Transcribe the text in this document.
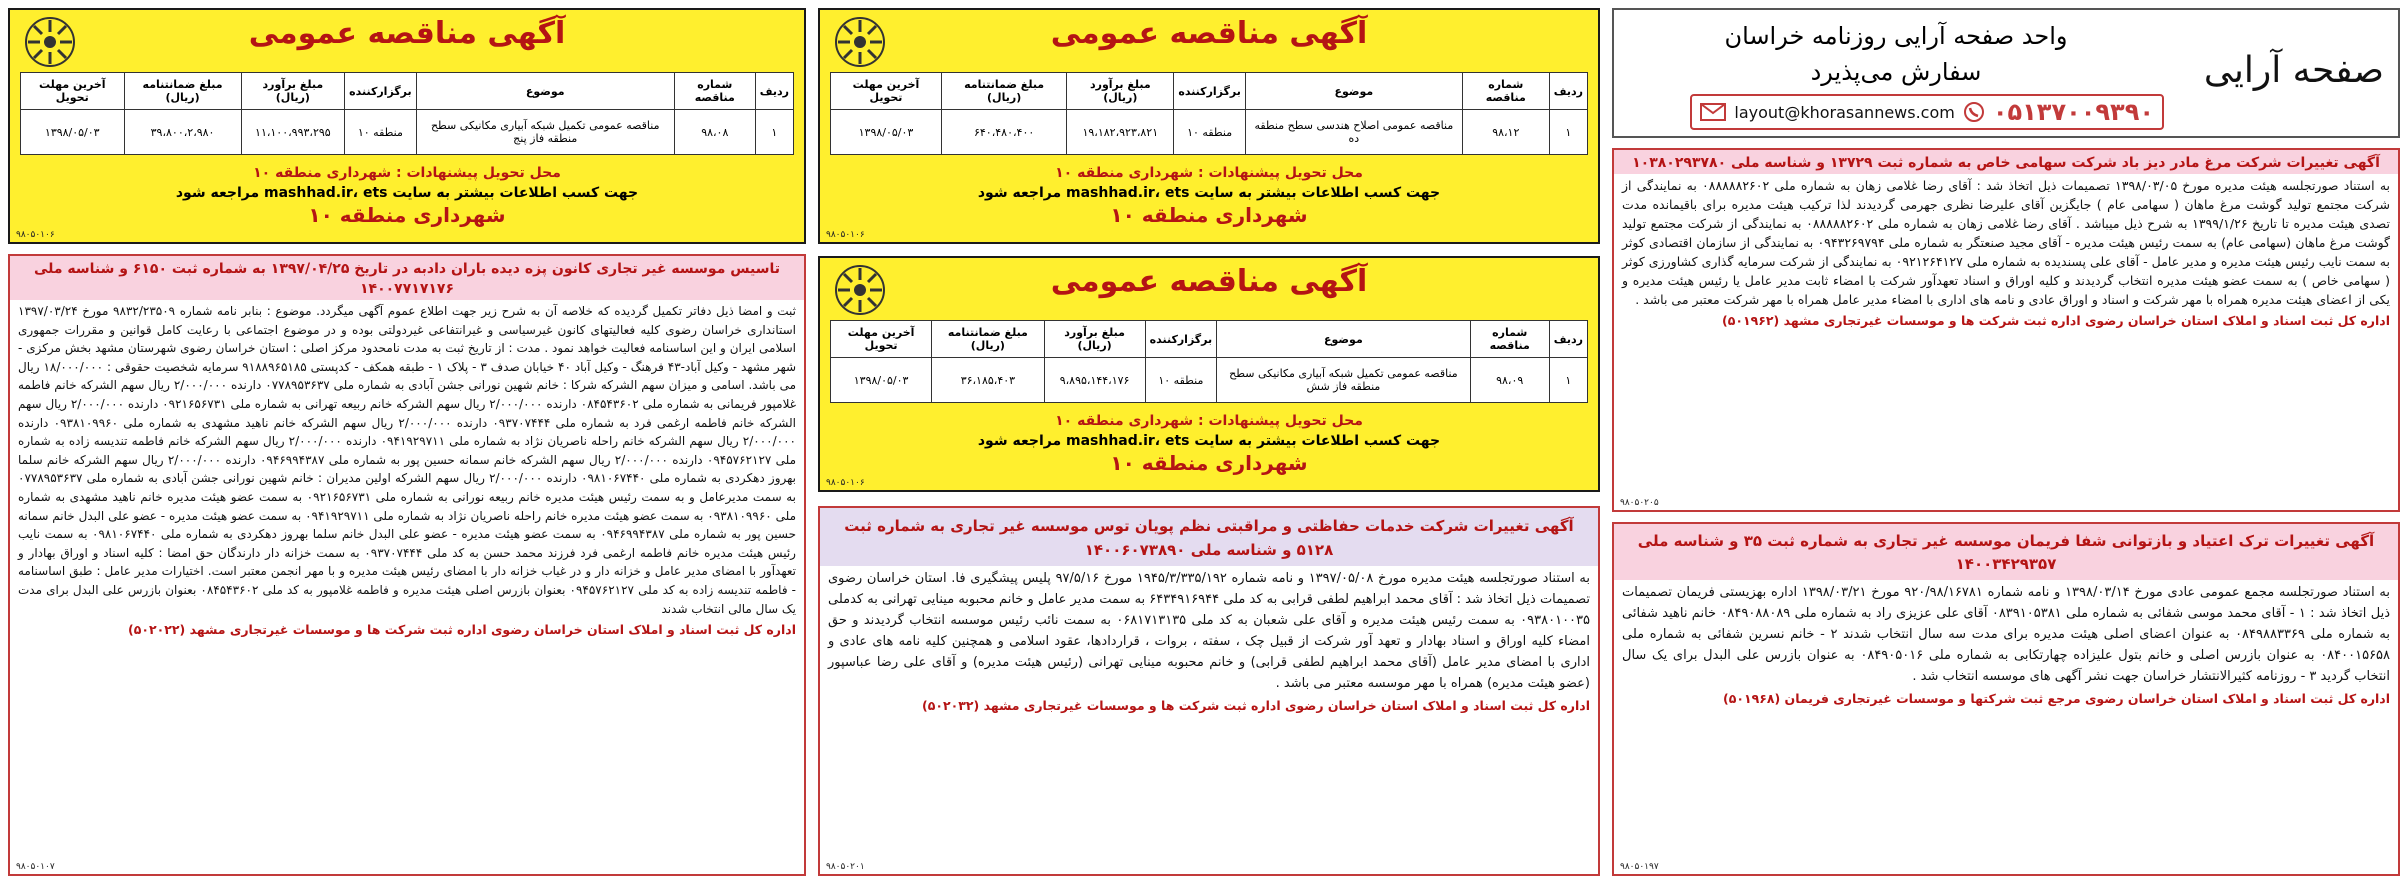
آگهی مناقصه عمومی
ردیف	شماره مناقصه	موضوع	برگزارکننده	مبلغ برآورد (ریال)	مبلغ ضمانتنامه (ریال)	آخرین مهلت تحویل
۱	۹۸،۰۸	مناقصه عمومی تکمیل شبکه آبیاری مکانیکی سطح منطقه فاز پنج	منطقه ۱۰	۱۱،۱۰۰،۹۹۳،۲۹۵	۳۹،۸۰۰،۲،۹۸۰	۱۳۹۸/۰۵/۰۳
محل تحویل پیشنهادات : شهرداری منطقه ۱۰
جهت کسب اطلاعات بیشتر به سایت mashhad.ir، ets مراجعه شود
شهرداری منطقه ۱۰
۹۸۰۵۰۱۰۶
تاسیس موسسه غیر تجاری کانون پزه دیده باران دادبه در تاریخ ۱۳۹۷/۰۴/۲۵ به شماره ثبت ۶۱۵۰ و شناسه ملی ۱۴۰۰۷۷۱۷۱۷۶
ثبت و امضا ذیل دفاتر تکمیل گردیده که خلاصه آن به شرح زیر جهت اطلاع عموم آگهی میگردد. موضوع : بنابر نامه شماره ۹۸۳۲/۲۳۵۰۹ مورخ ۱۳۹۷/۰۳/۲۴ استانداری خراسان رضوی کلیه فعالیتهای کانون غیرسیاسی و غیرانتفاعی غیردولتی بوده و در موضوع اجتماعی با رعایت کامل قوانین و مقررات جمهوری اسلامی ایران و این اساسنامه فعالیت خواهد نمود . مدت : از تاریخ ثبت به مدت نامحدود مرکز اصلی : استان خراسان رضوی شهرستان مشهد بخش مرکزی - شهر مشهد - وکیل آباد-۴۳ فرهنگ - وکیل آباد ۴۰ خیابان صدف ۳ - پلاک ۱ - طبقه همکف - کدپستی ۹۱۸۸۹۶۵۱۸۵ سرمایه شخصیت حقوقی : ۱۸/۰۰۰/۰۰۰ ریال می باشد. اسامی و میزان سهم الشرکه شرکا : خانم شهین نورانی جشن آبادی به شماره ملی ۰۷۷۸۹۵۳۶۳۷ دارنده ۲/۰۰۰/۰۰۰ ریال سهم الشرکه خانم فاطمه غلامپور فریمانی به شماره ملی ۰۸۴۵۴۳۶۰۲ دارنده ۲/۰۰۰/۰۰۰ ریال سهم الشرکه خانم ربیعه تهرانی به شماره ملی ۰۹۲۱۶۵۶۷۳۱ دارنده ۲/۰۰۰/۰۰۰ ریال سهم الشرکه خانم فاطمه ارغمی فرد به شماره ملی ۰۹۳۷۰۷۴۴۴ دارنده ۲/۰۰۰/۰۰۰ ریال سهم الشرکه خانم ناهید مشهدی به شماره ملی ۰۹۳۸۱۰۹۹۶۰ دارنده ۲/۰۰۰/۰۰۰ ریال سهم الشرکه خانم راحله ناصریان نژاد به شماره ملی ۰۹۴۱۹۲۹۷۱۱ دارنده ۲/۰۰۰/۰۰۰ ریال سهم الشرکه خانم فاطمه تندیسه زاده به شماره ملی ۰۹۴۵۷۶۲۱۲۷ دارنده ۲/۰۰۰/۰۰۰ ریال سهم الشرکه خانم سمانه حسین پور به شماره ملی ۰۹۴۶۹۹۴۳۸۷ دارنده ۲/۰۰۰/۰۰۰ ریال سهم الشرکه خانم سلما بهروز دهکردی به شماره ملی ۰۹۸۱۰۶۷۴۴۰ دارنده ۲/۰۰۰/۰۰۰ ریال سهم الشرکه اولین مدیران : خانم شهین نورانی جشن آبادی به شماره ملی ۰۷۷۸۹۵۳۶۳۷ به سمت مدیرعامل و به سمت رئیس هیئت مدیره خانم ربیعه نورانی به شماره ملی ۰۹۲۱۶۵۶۷۳۱ به سمت عضو هیئت مدیره خانم ناهید مشهدی به شماره ملی ۰۹۳۸۱۰۹۹۶۰ به سمت عضو هیئت مدیره خانم راحله ناصریان نژاد به شماره ملی ۰۹۴۱۹۲۹۷۱۱ به سمت عضو هیئت مدیره - عضو علی البدل خانم سمانه حسین پور به شماره ملی ۰۹۴۶۹۹۴۳۸۷ به سمت عضو هیئت مدیره - عضو علی البدل خانم سلما بهروز دهکردی به شماره ملی ۰۹۸۱۰۶۷۴۴۰ به سمت نایب رئیس هیئت مدیره خانم فاطمه ارغمی فرد فرزند محمد حسن به کد ملی ۰۹۳۷۰۷۴۴۴ به سمت خزانه دار دارندگان حق امضا : کلیه اسناد و اوراق بهادار و تعهدآور با امضای مدیر عامل و خزانه دار و در غیاب خزانه دار با امضای رئیس هیئت مدیره و با مهر انجمن معتبر است. اختیارات مدیر عامل : طبق اساسنامه - فاطمه تندیسه زاده به کد ملی ۰۹۴۵۷۶۲۱۲۷ بعنوان بازرس اصلی هیئت مدیره و فاطمه غلامپور به کد ملی ۰۸۴۵۴۳۶۰۲ بعنوان بازرس علی البدل برای مدت یک سال مالی انتخاب شدند
اداره کل ثبت اسناد و املاک استان خراسان رضوی اداره ثبت شرکت ها و موسسات غیرتجاری مشهد (۵۰۲۰۲۲)
۹۸۰۵۰۱۰۷
آگهی مناقصه عمومی
ردیف	شماره مناقصه	موضوع	برگزارکننده	مبلغ برآورد (ریال)	مبلغ ضمانتنامه (ریال)	آخرین مهلت تحویل
۱	۹۸،۱۲	مناقصه عمومی اصلاح هندسی سطح منطقه ده	منطقه ۱۰	۱۹،۱۸۲،۹۲۳،۸۲۱	۶۴۰،۴۸۰،۴۰۰	۱۳۹۸/۰۵/۰۳
محل تحویل پیشنهادات : شهرداری منطقه ۱۰
جهت کسب اطلاعات بیشتر به سایت mashhad.ir، ets مراجعه شود
شهرداری منطقه ۱۰
۹۸۰۵۰۱۰۶
آگهی مناقصه عمومی
ردیف	شماره مناقصه	موضوع	برگزارکننده	مبلغ برآورد (ریال)	مبلغ ضمانتنامه (ریال)	آخرین مهلت تحویل
۱	۹۸،۰۹	مناقصه عمومی تکمیل شبکه آبیاری مکانیکی سطح منطقه فاز شش	منطقه ۱۰	۹،۸۹۵،۱۴۴،۱۷۶	۳۶،۱۸۵،۴۰۳	۱۳۹۸/۰۵/۰۳
محل تحویل پیشنهادات : شهرداری منطقه ۱۰
جهت کسب اطلاعات بیشتر به سایت mashhad.ir، ets مراجعه شود
شهرداری منطقه ۱۰
۹۸۰۵۰۱۰۶
آگهی تغییرات شرکت خدمات حفاظتی و مراقبتی نظم پویان توس موسسه غیر تجاری به شماره ثبت ۵۱۲۸ و شناسه ملی ۱۴۰۰۶۰۷۳۸۹۰
به استناد صورتجلسه هیئت مدیره مورخ ۱۳۹۷/۰۵/۰۸ و نامه شماره ۱۹۴۵/۳/۳۳۵/۱۹۲ مورخ ۹۷/۵/۱۶ پلیس پیشگیری فا. استان خراسان رضوی تصمیمات ذیل اتخاذ شد : آقای محمد ابراهیم لطفی قرابی به کد ملی ۶۴۳۴۹۱۶۹۴۴ به سمت مدیر عامل و خانم محبوبه مینایی تهرانی به کدملی ۰۹۳۸۰۱۰۰۳۵ به سمت رئیس هیئت مدیره و آقای علی شعبان به کد ملی ۰۶۸۱۷۱۳۱۳۵ به سمت نائب رئیس موسسه انتخاب گردیدند و حق امضاء کلیه اوراق و اسناد بهادار و تعهد آور شرکت از قبیل چک ، سفته ، بروات ، قراردادها، عقود اسلامی و همچنین کلیه نامه های عادی و اداری با امضای مدیر عامل (آقای محمد ابراهیم لطفی قرابی) و خانم محبوبه مینایی تهرانی (رئیس هیئت مدیره) و آقای علی رضا عباسپور (عضو هیئت مدیره) همراه با مهر موسسه معتبر می باشد .
اداره کل ثبت اسناد و املاک استان خراسان رضوی اداره ثبت شرکت ها و موسسات غیرتجاری مشهد (۵۰۲۰۳۲)
۹۸۰۵۰۲۰۱
صفحه آرایی
واحد صفحه آرایی روزنامه خراسان
سفارش می‌پذیرد
layout@khorasannews.com ۰۵۱۳۷۰۰۹۳۹۰
آگهی تغییرات شرکت مرغ مادر دیز باد شرکت سهامی خاص به شماره ثبت ۱۳۷۲۹ و شناسه ملی ۱۰۳۸۰۲۹۳۷۸۰
به استناد صورتجلسه هیئت مدیره مورخ ۱۳۹۸/۰۳/۰۵ تصمیمات ذیل اتخاذ شد : آقای رضا غلامی زهان به شماره ملی ۰۸۸۸۸۸۲۶۰۲ به نمایندگی از شرکت مجتمع تولید گوشت مرغ ماهان ( سهامی عام ) جایگزین آقای علیرضا نظری جهرمی گردیدند لذا ترکیب هیئت مدیره برای باقیمانده مدت تصدی هیئت مدیره تا تاریخ ۱۳۹۹/۱/۲۶ به شرح ذیل میباشد . آقای رضا غلامی زهان به شماره ملی ۰۸۸۸۸۸۲۶۰۲ به نمایندگی از شرکت مجتمع تولید گوشت مرغ ماهان (سهامی عام) به سمت رئیس هیئت مدیره - آقای مجید صنعتگر به شماره ملی ۰۹۴۳۲۶۹۷۹۴ به نمایندگی از سازمان اقتصادی کوثر به سمت نایب رئیس هیئت مدیره و مدیر عامل - آقای علی پسندیده به شماره ملی ۰۹۲۱۲۶۴۱۲۷ به نمایندگی از شرکت سرمایه گذاری کشاورزی کوثر ( سهامی خاص ) به سمت عضو هیئت مدیره انتخاب گردیدند و کلیه اوراق و اسناد تعهدآور شرکت با امضاء ثابت مدیر عامل یا رئیس هیئت مدیره و یکی از اعضای هیئت مدیره همراه با مهر شرکت و اسناد و اوراق عادی و نامه های اداری با امضاء مدیر عامل همراه با مهر شرکت معتبر می باشد .
اداره کل ثبت اسناد و املاک استان خراسان رضوی اداره ثبت شرکت ها و موسسات غیرتجاری مشهد (۵۰۱۹۶۲)
۹۸۰۵۰۲۰۵
آگهی تغییرات ترک اعتیاد و بازتوانی شفا فریمان موسسه غیر تجاری به شماره ثبت ۳۵ و شناسه ملی ۱۴۰۰۳۴۲۹۳۵۷
به استناد صورتجلسه مجمع عمومی عادی مورخ ۱۳۹۸/۰۳/۱۴ و نامه شماره ۹۲۰/۹۸/۱۶۷۸۱ مورخ ۱۳۹۸/۰۳/۲۱ اداره بهزیستی فریمان تصمیمات ذیل اتخاذ شد : ۱ - آقای محمد موسی شفائی به شماره ملی ۰۸۳۹۱۰۵۳۸۱ آقای علی عزیزی راد به شماره ملی ۰۸۴۹۰۸۸۰۸۹ خانم ناهید شفائی به شماره ملی ۰۸۴۹۸۸۳۳۶۹ به عنوان اعضای اصلی هیئت مدیره برای مدت سه سال انتخاب شدند ۲ - خانم نسرین شفائی به شماره ملی ۰۸۴۰۰۱۵۶۵۸ به عنوان بازرس اصلی و خانم بتول علیزاده چهارتکابی به شماره ملی ۰۸۴۹۰۵۰۱۶ به عنوان بازرس علی البدل برای یک سال انتخاب گردید ۳ - روزنامه کثیرالانتشار خراسان جهت نشر آگهی های موسسه انتخاب شد .
اداره کل ثبت اسناد و املاک استان خراسان رضوی مرجع ثبت شرکتها و موسسات غیرتجاری فریمان (۵۰۱۹۶۸)
۹۸۰۵۰۱۹۷
